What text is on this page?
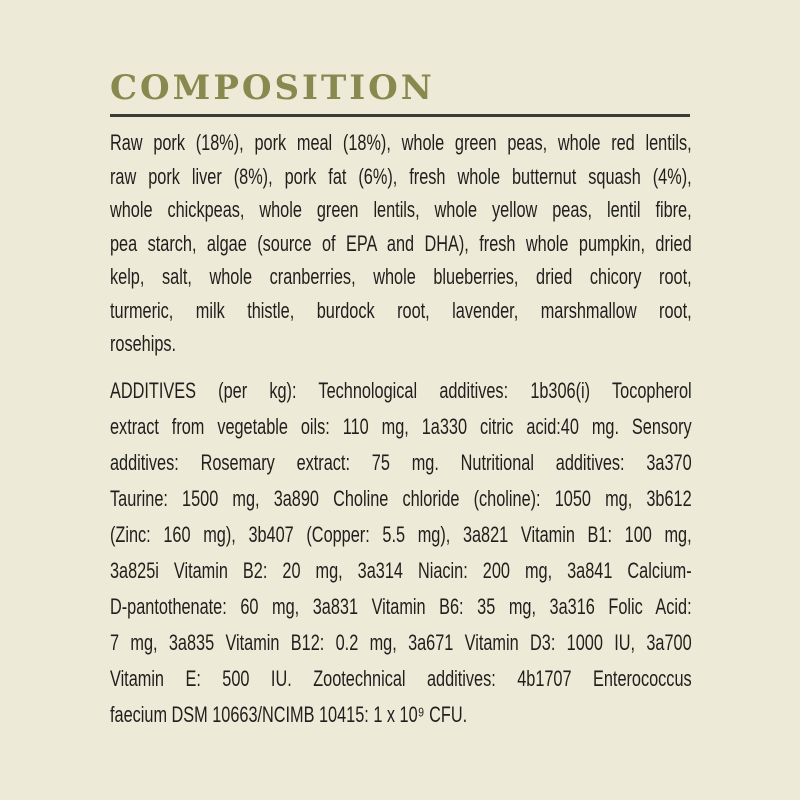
COMPOSITION

Raw pork (18%), pork meal (18%), whole green peas, whole red lentils,
raw pork liver (8%), pork fat (6%), fresh whole butternut squash (4%),
whole chickpeas, whole green lentils, whole yellow peas, lentil fibre,
pea starch, algae (source of EPA and DHA), fresh whole pumpkin, dried
kelp, salt, whole cranberries, whole blueberries, dried chicory root,
turmeric, milk thistle, burdock root, lavender, marshmallow root,
rosehips.

ADDITIVES (per kg): Technological additives: 1b306(i) Tocopherol
extract from vegetable oils: 110 mg, 1a330 citric acid:40 mg. Sensory
additives: Rosemary extract: 75 mg. Nutritional additives: 3a370
Taurine: 1500 mg, 3a890 Choline chloride (choline): 1050 mg, 3b612
(Zinc: 160 mg), 3b407 (Copper: 5.5 mg), 3a821 Vitamin B1: 100 mg,
3a825i Vitamin B2: 20 mg, 3a314 Niacin: 200 mg, 3a841 Calcium-
D-pantothenate: 60 mg, 3a831 Vitamin B6: 35 mg, 3a316 Folic Acid:
7 mg, 3a835 Vitamin B12: 0.2 mg, 3a671 Vitamin D3: 1000 IU, 3a700
Vitamin E: 500 IU. Zootechnical additives: 4b1707 Enterococcus
faecium DSM 10663/NCIMB 10415: 1 x 10⁹ CFU.
